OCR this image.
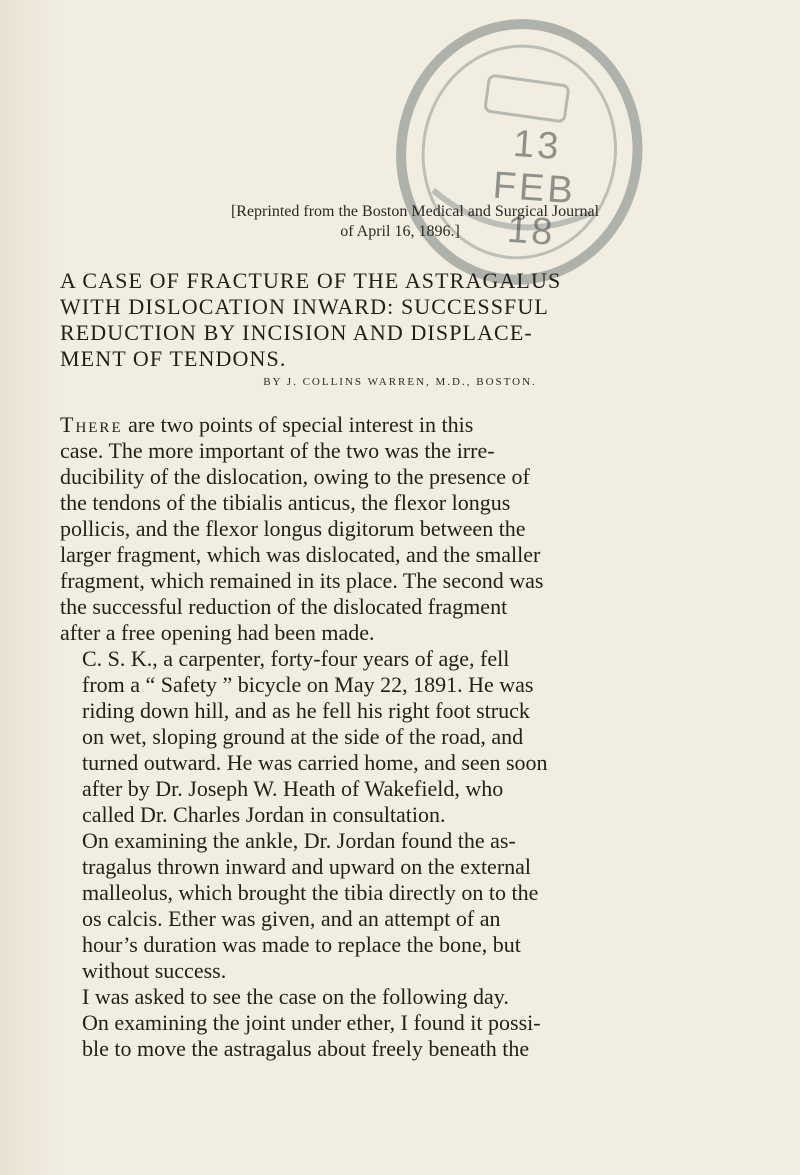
13 FEB 18
[Reprinted from the Boston Medical and Surgical Journal
of April 16, 1896.]
A CASE OF FRACTURE OF THE ASTRAGALUS
WITH DISLOCATION INWARD: SUCCESSFUL
REDUCTION BY INCISION AND DISPLACE-
MENT OF TENDONS.
BY J. COLLINS WARREN, M.D., BOSTON.

There are two points of special interest in this
case. The more important of the two was the irre-
ducibility of the dislocation, owing to the presence of
the tendons of the tibialis anticus, the flexor longus
pollicis, and the flexor longus digitorum between the
larger fragment, which was dislocated, and the smaller
fragment, which remained in its place. The second was
the successful reduction of the dislocated fragment
after a free opening had been made.

C. S. K., a carpenter, forty-four years of age, fell
from a “ Safety ” bicycle on May 22, 1891. He was
riding down hill, and as he fell his right foot struck
on wet, sloping ground at the side of the road, and
turned outward. He was carried home, and seen soon
after by Dr. Joseph W. Heath of Wakefield, who
called Dr. Charles Jordan in consultation.

On examining the ankle, Dr. Jordan found the as-
tragalus thrown inward and upward on the external
malleolus, which brought the tibia directly on to the
os calcis. Ether was given, and an attempt of an
hour’s duration was made to replace the bone, but
without success.

I was asked to see the case on the following day.
On examining the joint under ether, I found it possi-
ble to move the astragalus about freely beneath the
